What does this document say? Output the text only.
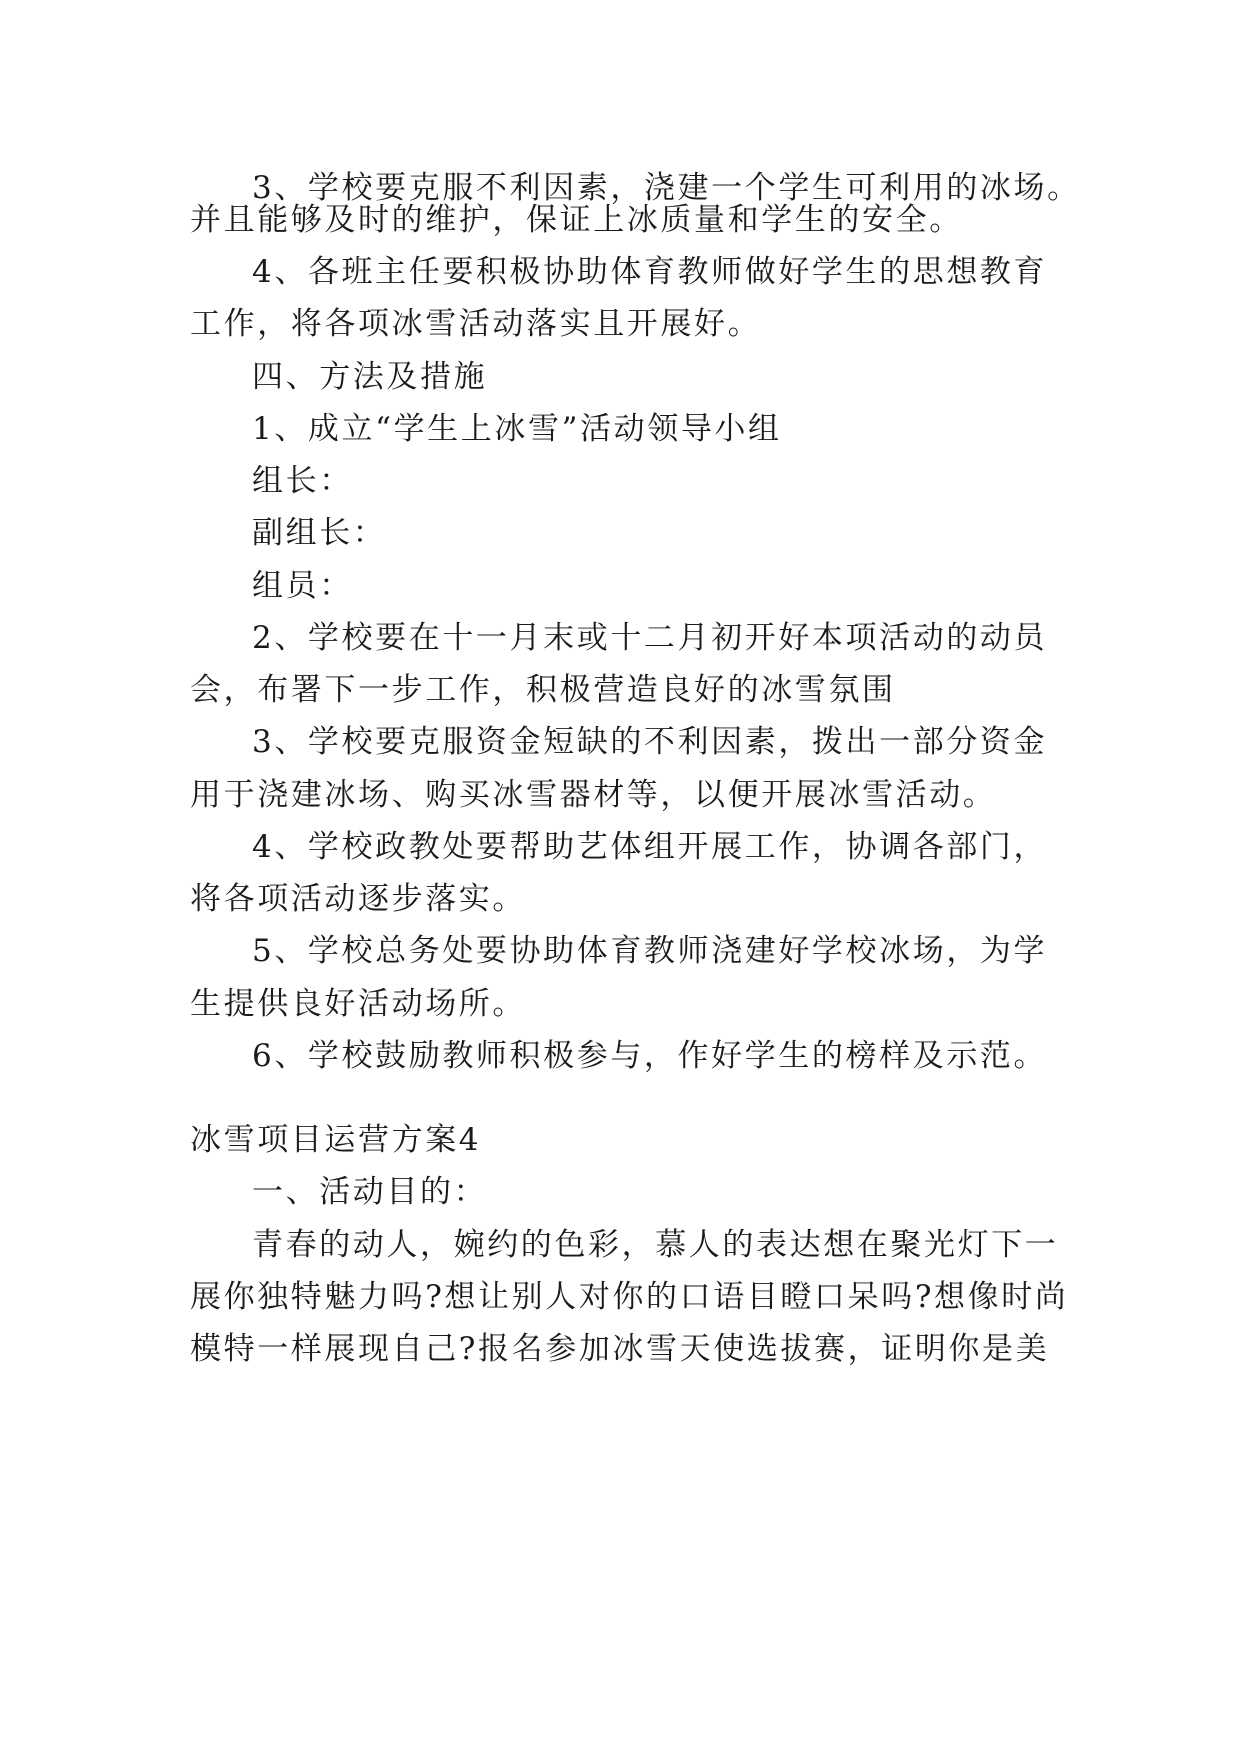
3、学校要克服不利因素，浇建一个学生可利用的冰场。
并且能够及时的维护，保证上冰质量和学生的安全。
4、各班主任要积极协助体育教师做好学生的思想教育
工作，将各项冰雪活动落实且开展好。
四、方法及措施
1、成立“学生上冰雪”活动领导小组
组长：
副组长：
组员：
2、学校要在十一月末或十二月初开好本项活动的动员
会，布署下一步工作，积极营造良好的冰雪氛围
3、学校要克服资金短缺的不利因素，拨出一部分资金
用于浇建冰场、购买冰雪器材等，以便开展冰雪活动。
4、学校政教处要帮助艺体组开展工作，协调各部门，
将各项活动逐步落实。
5、学校总务处要协助体育教师浇建好学校冰场，为学
生提供良好活动场所。
6、学校鼓励教师积极参与，作好学生的榜样及示范。
冰雪项目运营方案4
一、活动目的：
青春的动人，婉约的色彩，慕人的表达想在聚光灯下一
展你独特魅力吗?想让别人对你的口语目瞪口呆吗?想像时尚
模特一样展现自己?报名参加冰雪天使选拔赛，证明你是美
